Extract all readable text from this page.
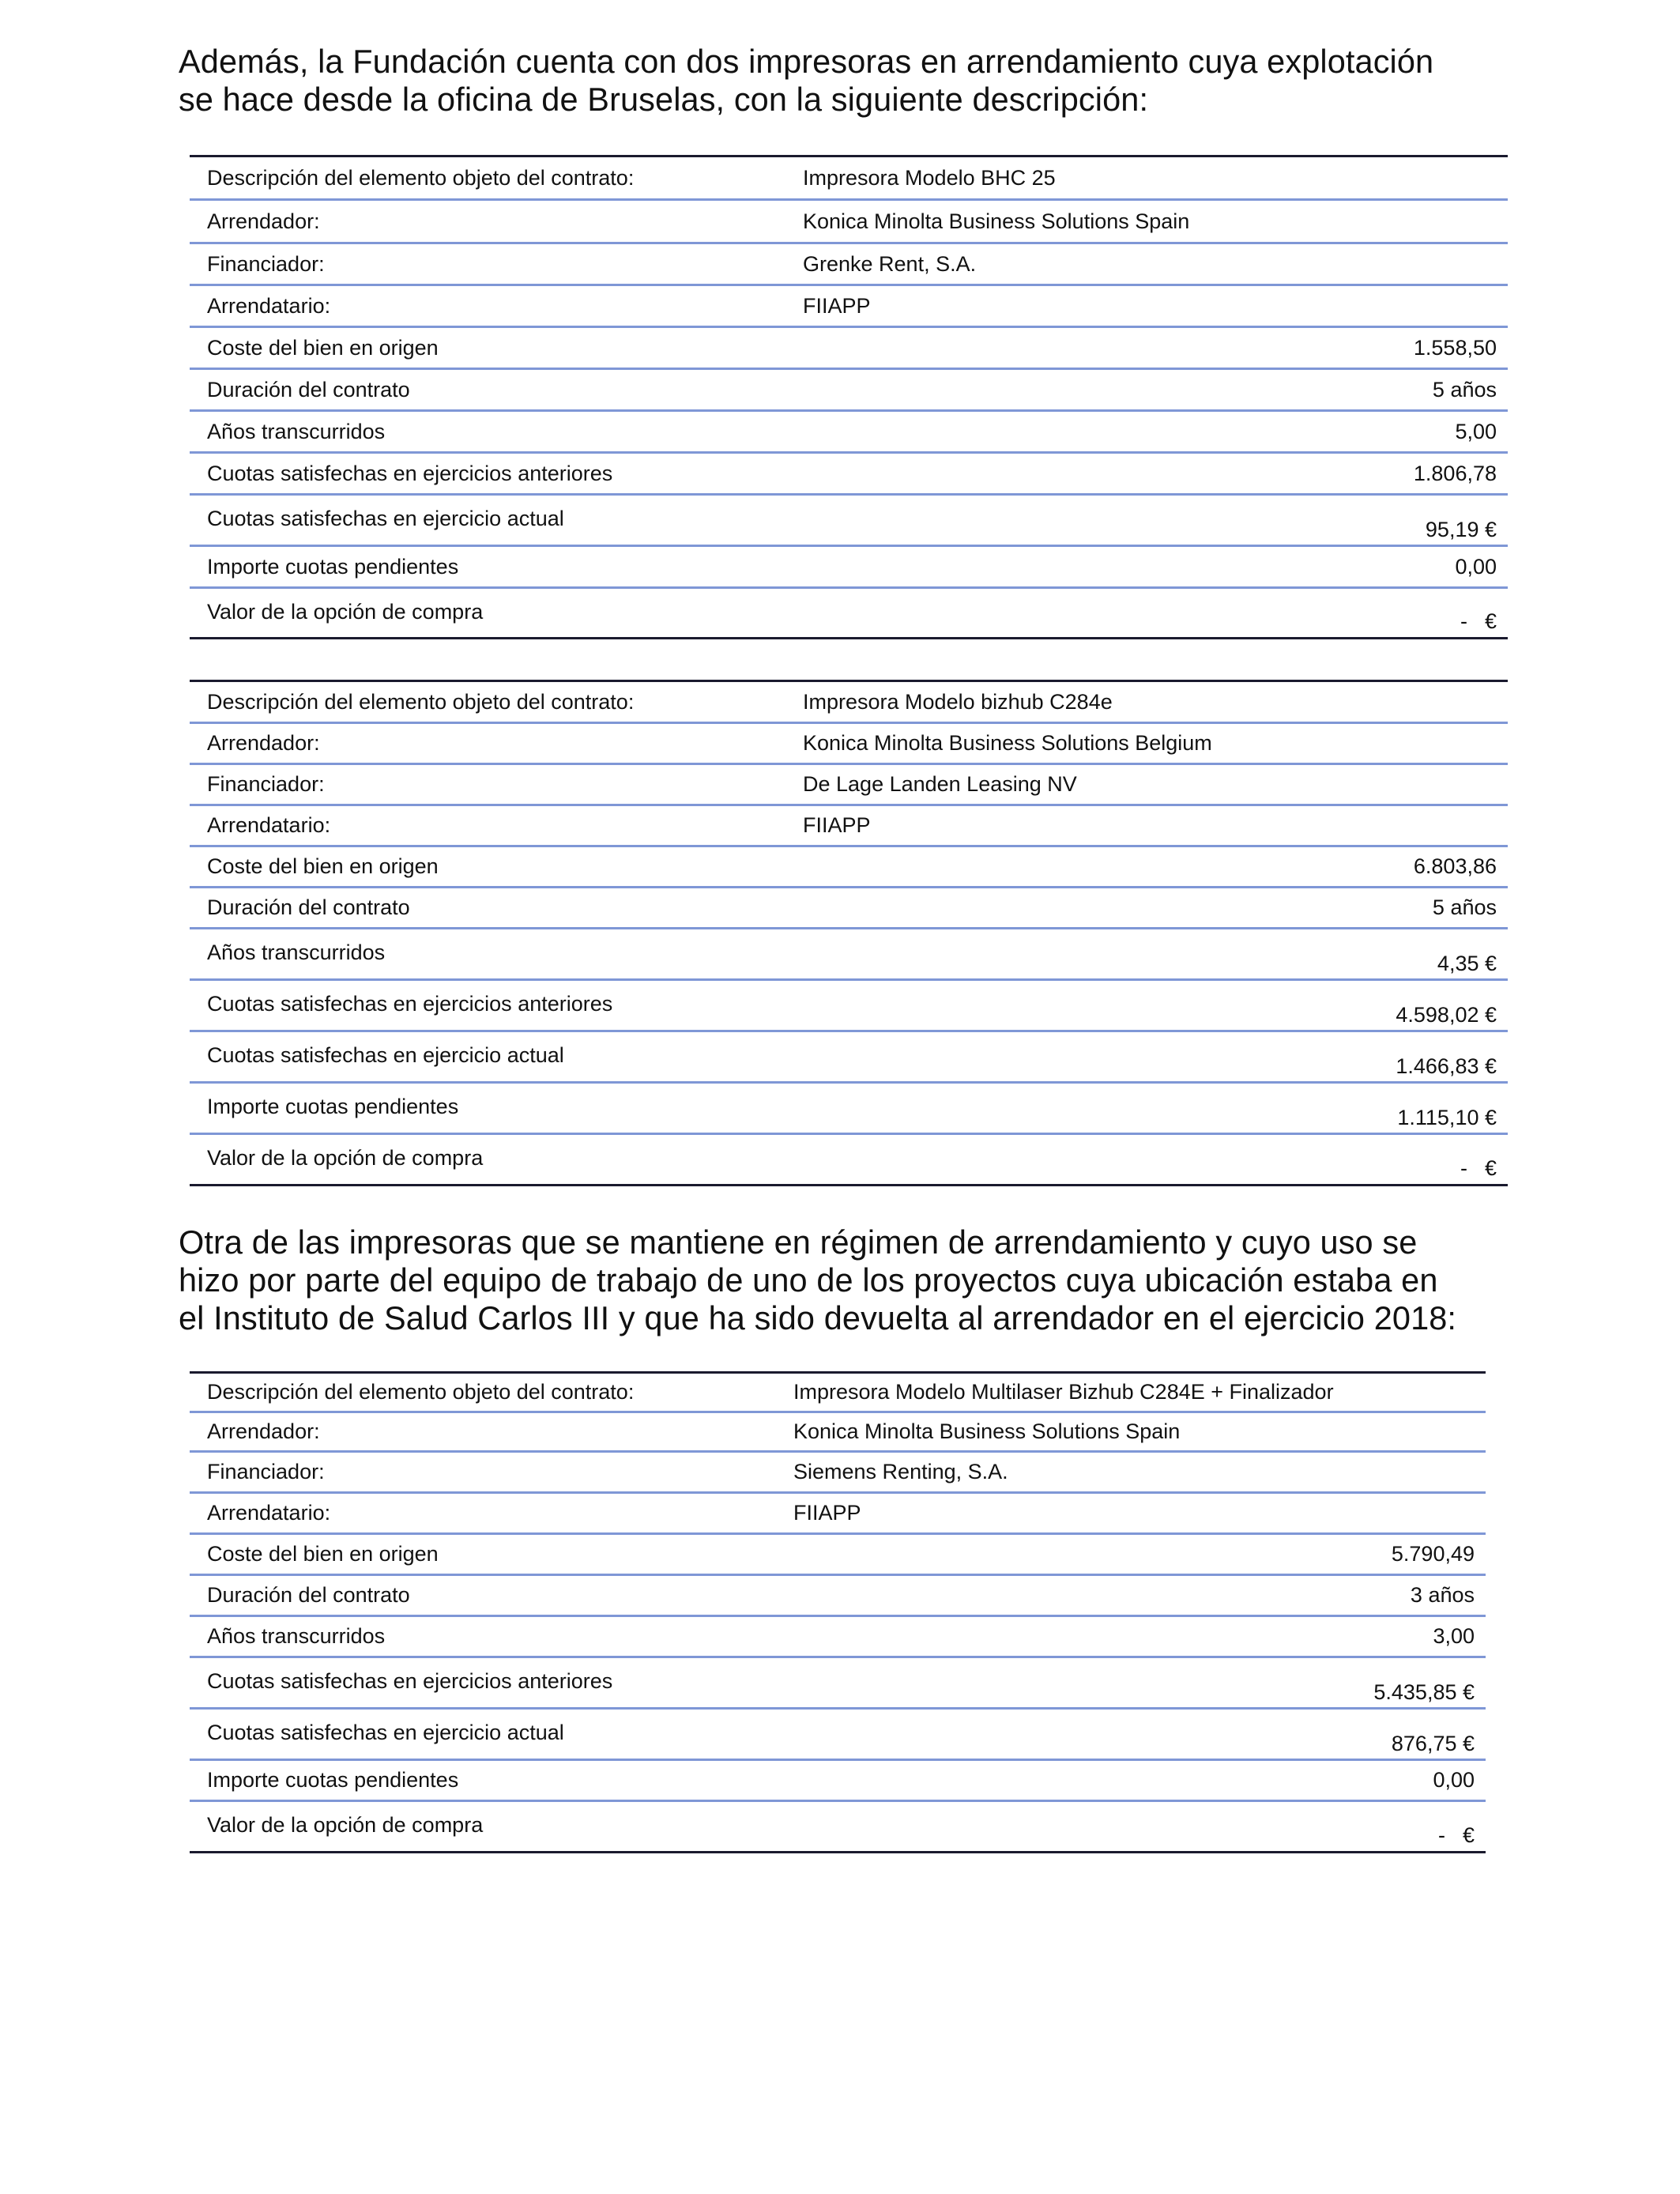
Además, la Fundación cuenta con dos impresoras en arrendamiento cuya explotación
se hace desde la oficina de Bruselas, con la siguiente descripción:

Descripción del elemento objeto del contrato:	Impresora Modelo BHC 25
Arrendador:	Konica Minolta Business Solutions Spain
Financiador:	Grenke Rent, S.A.
Arrendatario:	FIIAPP
Coste del bien en origen	1.558,50
Duración del contrato	5 años
Años transcurridos	5,00
Cuotas satisfechas en ejercicios anteriores	1.806,78
Cuotas satisfechas en ejercicio actual	95,19 €
Importe cuotas pendientes	0,00
Valor de la opción de compra	- €
Descripción del elemento objeto del contrato:	Impresora Modelo bizhub C284e
Arrendador:	Konica Minolta Business Solutions Belgium
Financiador:	De Lage Landen Leasing NV
Arrendatario:	FIIAPP
Coste del bien en origen	6.803,86
Duración del contrato	5 años
Años transcurridos	4,35 €
Cuotas satisfechas en ejercicios anteriores	4.598,02 €
Cuotas satisfechas en ejercicio actual	1.466,83 €
Importe cuotas pendientes	1.115,10 €
Valor de la opción de compra	- €

Otra de las impresoras que se mantiene en régimen de arrendamiento y cuyo uso se
hizo por parte del equipo de trabajo de uno de los proyectos cuya ubicación estaba en
el Instituto de Salud Carlos III y que ha sido devuelta al arrendador en el ejercicio 2018:

Descripción del elemento objeto del contrato:	Impresora Modelo Multilaser Bizhub C284E + Finalizador
Arrendador:	Konica Minolta Business Solutions Spain
Financiador:	Siemens Renting, S.A.
Arrendatario:	FIIAPP
Coste del bien en origen	5.790,49
Duración del contrato	3 años
Años transcurridos	3,00
Cuotas satisfechas en ejercicios anteriores	5.435,85 €
Cuotas satisfechas en ejercicio actual	876,75 €
Importe cuotas pendientes	0,00
Valor de la opción de compra	- €
